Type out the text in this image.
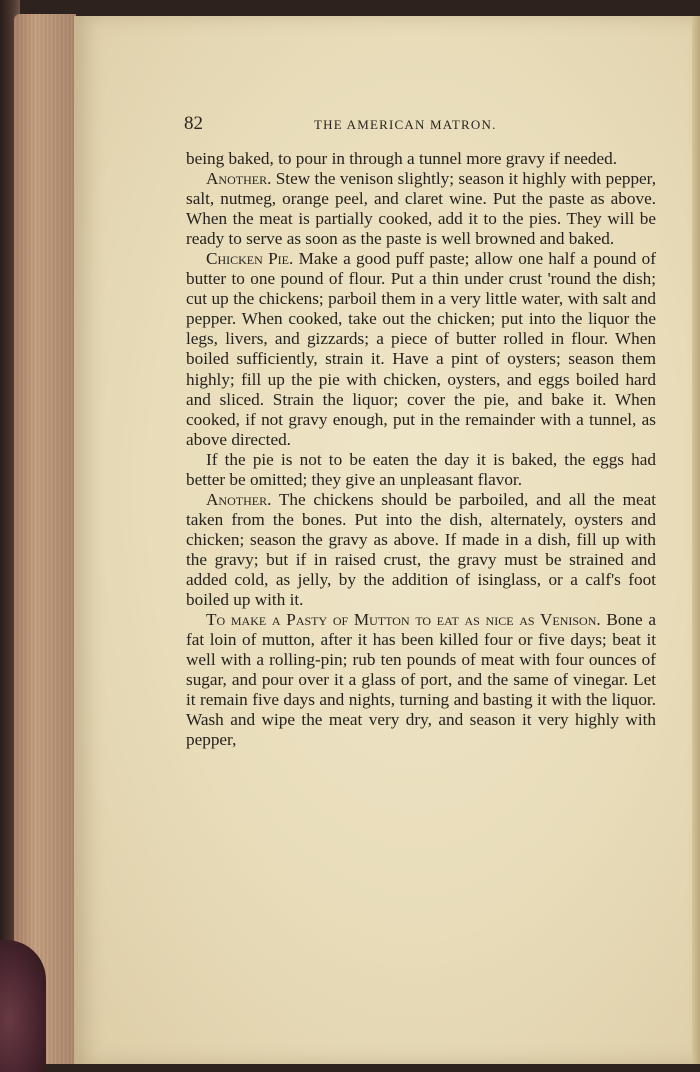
82	THE AMERICAN MATRON.

being baked, to pour in through a tunnel more gravy if needed.

Another. Stew the venison slightly; season it highly with pepper, salt, nutmeg, orange peel, and claret wine. Put the paste as above. When the meat is partially cooked, add it to the pies. They will be ready to serve as soon as the paste is well browned and baked.

Chicken Pie. Make a good puff paste; allow one half a pound of butter to one pound of flour. Put a thin under crust 'round the dish; cut up the chickens; parboil them in a very little water, with salt and pepper. When cooked, take out the chicken; put into the liquor the legs, livers, and gizzards; a piece of butter rolled in flour. When boiled sufficiently, strain it. Have a pint of oysters; season them highly; fill up the pie with chicken, oysters, and eggs boiled hard and sliced. Strain the liquor; cover the pie, and bake it. When cooked, if not gravy enough, put in the remainder with a tunnel, as above directed.

If the pie is not to be eaten the day it is baked, the eggs had better be omitted; they give an unpleasant flavor.

Another. The chickens should be parboiled, and all the meat taken from the bones. Put into the dish, alternately, oysters and chicken; season the gravy as above. If made in a dish, fill up with the gravy; but if in raised crust, the gravy must be strained and added cold, as jelly, by the addition of isinglass, or a calf's foot boiled up with it.

To make a Pasty of Mutton to eat as nice as Venison. Bone a fat loin of mutton, after it has been killed four or five days; beat it well with a rolling-pin; rub ten pounds of meat with four ounces of sugar, and pour over it a glass of port, and the same of vinegar. Let it remain five days and nights, turning and basting it with the liquor. Wash and wipe the meat very dry, and season it very highly with pepper,
